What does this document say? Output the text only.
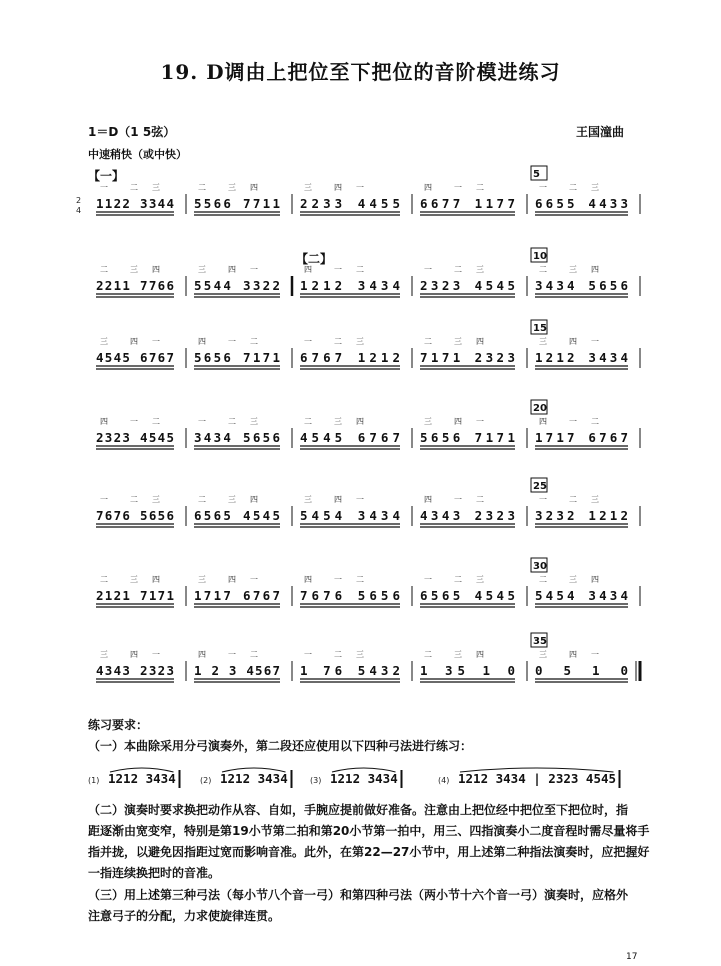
19. D调由上把位至下把位的音阶模进练习
1＝D（1 5弦）	王国潼曲
中速稍快（或中快）
【一】
【二】
2
4 1122 3344
一	二 三
5566 7711
二	三 四
2233 4455
三	四 一
6677 1177
四	一 二
6655 4433
一	二 三
5
2211 7766
二	三 四
5544 3322
三	四 一
1212 3434
四	一 二
2323 4545
一	二 三
3434 5656
二	三 四
10
4545 6767
三	四 一
5656 7171
四	一 二
6767 1212
一	二 三
7171 2323
二	三 四
1212 3434
三	四 一
15
2323 4545
四	一 二
3434 5656
一	二 三
4545 6767
二	三 四
5656 7171
三	四 一
1717 6767
四	一 二
20
7676 5656
一	二 三
6565 4545
二	三 四
5454 3434
三	四 一
4343 2323
四	一 二
3232 1212
一	二 三
25
2121 7171
二	三 四
1717 6767
三	四 一
7676 5656
四	一 二
6565 4545
一	二 三
5454 3434
二	三 四
30
4343 2323
三	四 一
1 2 3 4567
四	一 二
1 76 5432
一	二 三
1 35 1 0
二	三 四
0 5 1 0
三	四 一
35
练习要求：
（一）本曲除采用分弓演奏外，第二段还应使用以下四种弓法进行练习：
(1) 1212 3434	(2) 1212 3434	(3) 1212 3434	(4) 1212 3434 | 2323 4545
（二）演奏时要求换把动作从容、自如，手腕应提前做好准备。注意由上把位经中把位至下把位时，指
距逐渐由宽变窄，特别是第19小节第二拍和第20小节第一拍中，用三、四指演奏小二度音程时需尽量将手
指并拢，以避免因指距过宽而影响音准。此外，在第22—27小节中，用上述第二种指法演奏时，应把握好
一指连续换把时的音准。
（三）用上述第三种弓法（每小节八个音一弓）和第四种弓法（两小节十六个音一弓）演奏时，应格外
注意弓子的分配，力求使旋律连贯。
17
